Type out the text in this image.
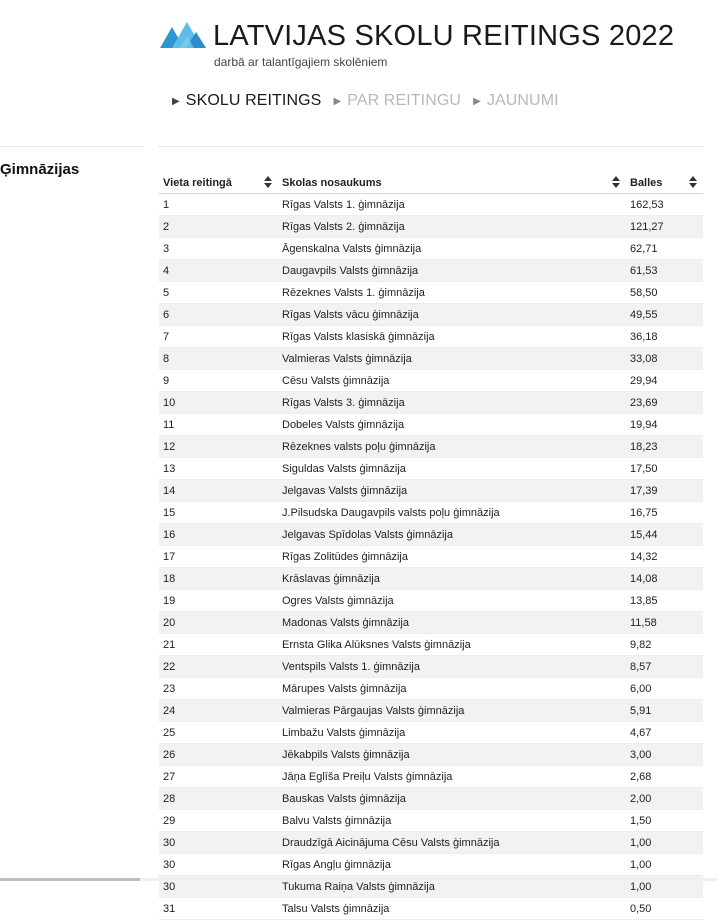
LATVIJAS SKOLU REITINGS 2022
darbā ar talantīgajiem skolēniem
▶ SKOLU REITINGS ▶ PAR REITINGU ▶ JAUNUMI
Ģimnāzijas
Vieta reitingā	Skolas nosaukums	Balles

1	Rīgas Valsts 1. ģimnāzija	162,53
2	Rīgas Valsts 2. ģimnāzija	121,27
3	Āgenskalna Valsts ģimnāzija	62,71
4	Daugavpils Valsts ģimnāzija	61,53
5	Rēzeknes Valsts 1. ģimnāzija	58,50
6	Rīgas Valsts vācu ģimnāzija	49,55
7	Rīgas Valsts klasiskā ģimnāzija	36,18
8	Valmieras Valsts ģimnāzija	33,08
9	Cēsu Valsts ģimnāzija	29,94
10	Rīgas Valsts 3. ģimnāzija	23,69
11	Dobeles Valsts ģimnāzija	19,94
12	Rēzeknes valsts poļu ģimnāzija	18,23
13	Siguldas Valsts ģimnāzija	17,50
14	Jelgavas Valsts ģimnāzija	17,39
15	J.Pilsudska Daugavpils valsts poļu ģimnāzija	16,75
16	Jelgavas Spīdolas Valsts ģimnāzija	15,44
17	Rīgas Zolitūdes ģimnāzija	14,32
18	Krāslavas ģimnāzija	14,08
19	Ogres Valsts ģimnāzija	13,85
20	Madonas Valsts ģimnāzija	11,58
21	Ernsta Glika Alūksnes Valsts ģimnāzija	9,82
22	Ventspils Valsts 1. ģimnāzija	8,57
23	Mārupes Valsts ģimnāzija	6,00
24	Valmieras Pārgaujas Valsts ģimnāzija	5,91
25	Limbažu Valsts ģimnāzija	4,67
26	Jēkabpils Valsts ģimnāzija	3,00
27	Jāņa Eglīša Preiļu Valsts ģimnāzija	2,68
28	Bauskas Valsts ģimnāzija	2,00
29	Balvu Valsts ģimnāzija	1,50
30	Draudzīgā Aicinājuma Cēsu Valsts ģimnāzija	1,00
30	Rīgas Angļu ģimnāzija	1,00
30	Tukuma Raiņa Valsts ģimnāzija	1,00
31	Talsu Valsts ģimnāzija	0,50
